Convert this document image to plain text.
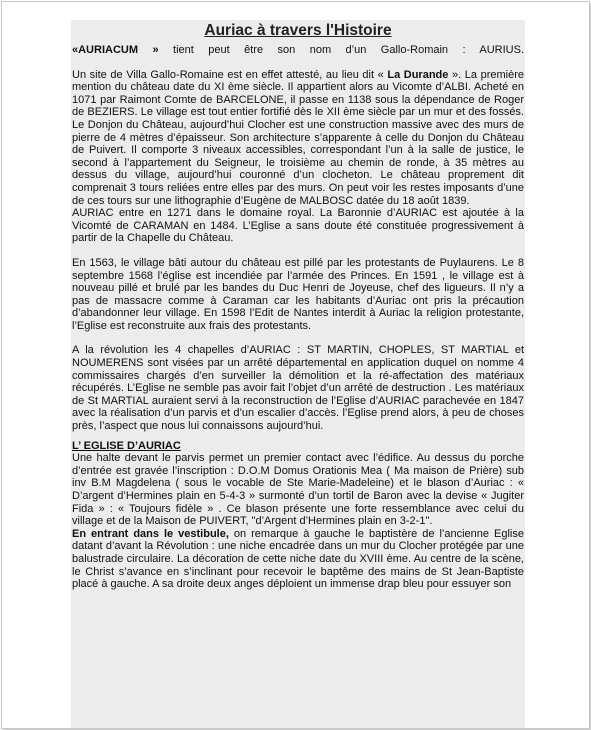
Auriac à travers l'Histoire

«AURIACUM » tient peut être son nom d’un Gallo-Romain : AURIUS.

Un site de Villa Gallo-Romaine est en effet attesté, au lieu dit « La Durande ». La première mention du château date du XI ème siècle. Il appartient alors au Vicomte d’ALBI. Acheté en 1071 par Raimont Comte de BARCELONE, il passe en 1138 sous la dépendance de Roger de BEZIERS. Le village est tout entier fortifié dès le XII ème siècle par un mur et des fossés. Le Donjon du Château, aujourd’hui Clocher est une construction massive avec des murs de pierre de 4 mètres d’épaisseur. Son architecture s’apparente à celle du Donjon du Château de Puivert. Il comporte 3 niveaux accessibles, correspondant l’un à la salle de justice, le second à l’appartement du Seigneur, le troisième au chemin de ronde, à 35 mètres au dessus du village, aujourd’hui couronné d’un clocheton. Le château proprement dit comprenait 3 tours reliées entre elles par des murs. On peut voir les restes imposants d’une de ces tours sur une lithographie d’Eugène de MALBOSC datée du 18 août 1839.

AURIAC entre en 1271 dans le domaine royal. La Baronnie d’AURIAC est ajoutée à la Vicomté de CARAMAN en 1484. L’Eglise a sans doute été constituée progressivement à partir de la Chapelle du Château.

En 1563, le village bâti autour du château est pillé par les protestants de Puylaurens. Le 8 septembre 1568 l’église est incendiée par l’armée des Princes. En 1591 , le village est à nouveau pillé et brulé par les bandes du Duc Henri de Joyeuse, chef des ligueurs. Il n’y a pas de massacre comme à Caraman car les habitants d’Auriac ont pris la précaution d’abandonner leur village. En 1598 l’Edit de Nantes interdit à Auriac la religion protestante, l’Eglise est reconstruite aux frais des protestants.

A la révolution les 4 chapelles d’AURIAC : ST MARTIN, CHOPLES, ST MARTIAL et NOUMERENS sont visées par un arrêté départemental en application duquel on nomme 4 commissaires chargés d’en surveiller la démolition et la ré-affectation des matériaux récupérés. L’Eglise ne semble pas avoir fait l’objet d’un arrêté de destruction . Les matériaux de St MARTIAL auraient servi à la reconstruction de l’Eglise d’AURIAC parachevée en 1847 avec la réalisation d’un parvis et d’un escalier d’accès. l’Eglise prend alors, à peu de choses près, l’aspect que nous lui connaissons aujourd’hui.

L’ EGLISE D’AURIAC

Une halte devant le parvis permet un premier contact avec l’édifice. Au dessus du porche d’entrée est gravée l’inscription : D.O.M Domus Orationis Mea ( Ma maison de Prière) sub inv B.M Magdelena ( sous le vocable de Ste Marie-Madeleine) et le blason d’Auriac : « D’argent d’Hermines plain en 5-4-3 » surmonté d’un tortil de Baron avec la devise « Jugiter Fida » : « Toujours fidèle » . Ce blason présente une forte ressemblance avec celui du village et de la Maison de PUIVERT, "d’Argent d’Hermines plain en 3-2-1".

En entrant dans le vestibule, on remarque à gauche le baptistère de l’ancienne Eglise datant d’avant la Révolution : une niche encadrée dans un mur du Clocher protégée par une balustrade circulaire. La décoration de cette niche date du XVIII ème. Au centre de la scène, le Christ s’avance en s’inclinant pour recevoir le baptême des mains de St Jean-Baptiste placé à gauche. A sa droite deux anges déploient un immense drap bleu pour essuyer son
